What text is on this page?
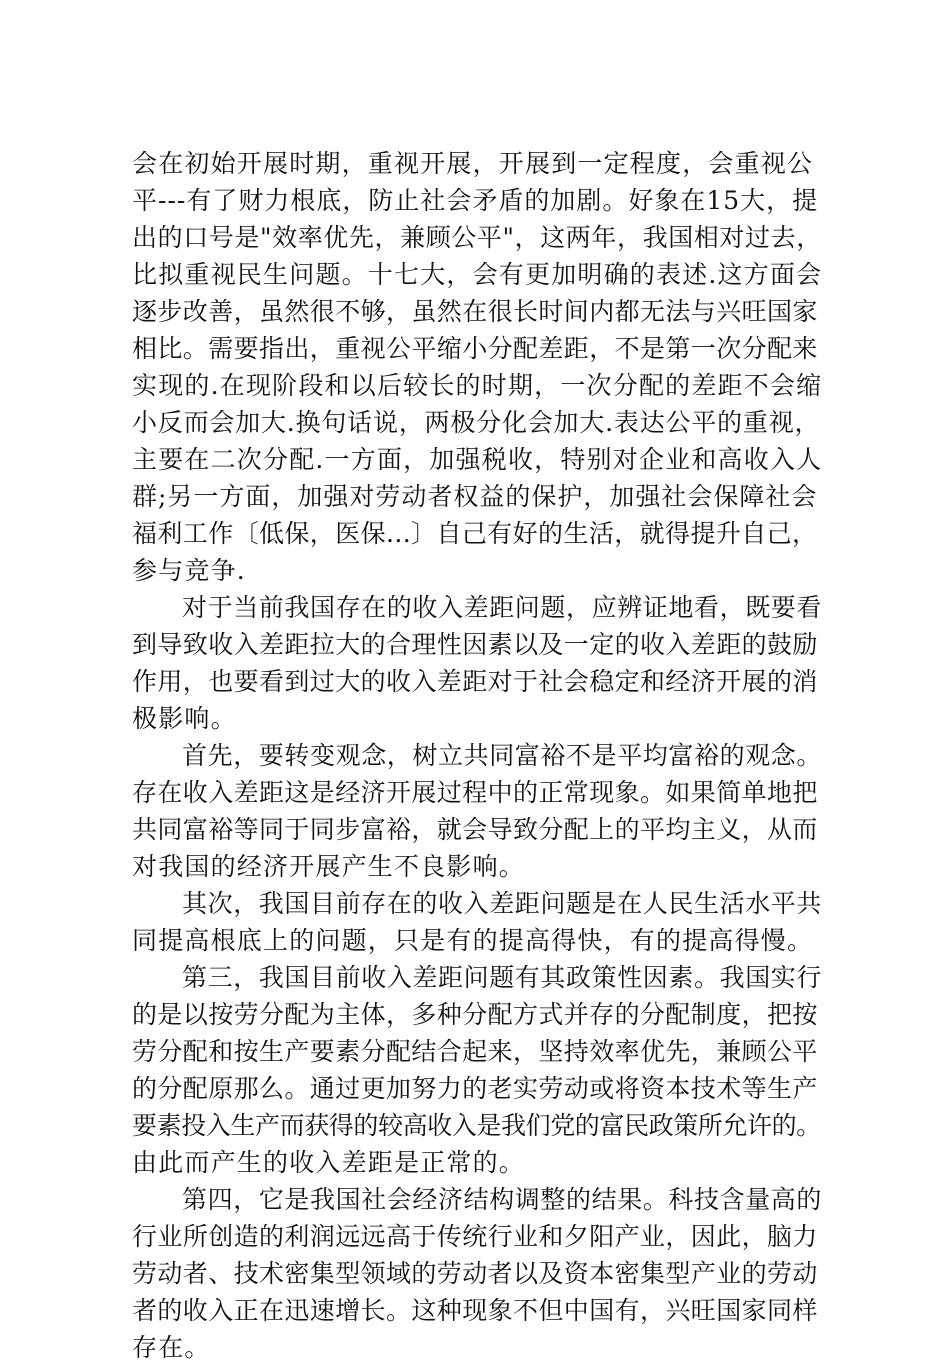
会在初始开展时期，重视开展，开展到一定程度，会重视公
平---有了财力根底，防止社会矛盾的加剧。好象在15大，提
出的口号是"效率优先，兼顾公平"，这两年，我国相对过去，
比拟重视民生问题。十七大，会有更加明确的表述.这方面会
逐步改善，虽然很不够，虽然在很长时间内都无法与兴旺国家
相比。需要指出，重视公平缩小分配差距，不是第一次分配来
实现的.在现阶段和以后较长的时期，一次分配的差距不会缩
小反而会加大.换句话说，两极分化会加大.表达公平的重视，
主要在二次分配.一方面，加强税收，特别对企业和高收入人
群;另一方面，加强对劳动者权益的保护，加强社会保障社会
福利工作〔低保，医保...〕自己有好的生活，就得提升自己，
参与竞争.
对于当前我国存在的收入差距问题，应辨证地看，既要看
到导致收入差距拉大的合理性因素以及一定的收入差距的鼓励
作用，也要看到过大的收入差距对于社会稳定和经济开展的消
极影响。
首先，要转变观念，树立共同富裕不是平均富裕的观念。
存在收入差距这是经济开展过程中的正常现象。如果简单地把
共同富裕等同于同步富裕，就会导致分配上的平均主义，从而
对我国的经济开展产生不良影响。
其次，我国目前存在的收入差距问题是在人民生活水平共
同提高根底上的问题，只是有的提高得快，有的提高得慢。
第三，我国目前收入差距问题有其政策性因素。我国实行
的是以按劳分配为主体，多种分配方式并存的分配制度，把按
劳分配和按生产要素分配结合起来，坚持效率优先，兼顾公平
的分配原那么。通过更加努力的老实劳动或将资本技术等生产
要素投入生产而获得的较高收入是我们党的富民政策所允许的。
由此而产生的收入差距是正常的。
第四，它是我国社会经济结构调整的结果。科技含量高的
行业所创造的利润远远高于传统行业和夕阳产业，因此，脑力
劳动者、技术密集型领域的劳动者以及资本密集型产业的劳动
者的收入正在迅速增长。这种现象不但中国有，兴旺国家同样
存在。
